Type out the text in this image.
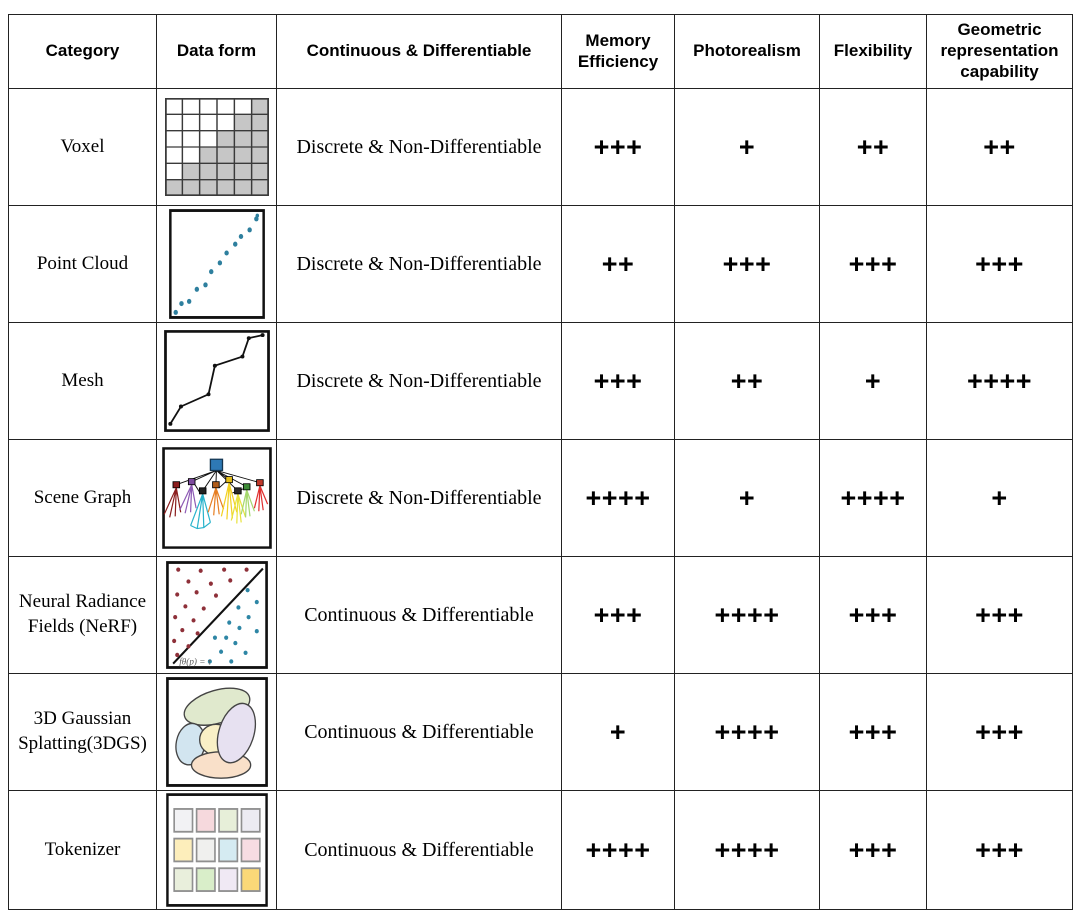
Category	Data form	Continuous & Differentiable	Memory Efficiency	Photorealism	Flexibility	Geometric representation capability
Voxel		Discrete & Non-Differentiable	+++	+	++	++
Point Cloud		Discrete & Non-Differentiable	++	+++	+++	+++
Mesh		Discrete & Non-Differentiable	+++	++	+	++++
Scene Graph		Discrete & Non-Differentiable	++++	+	++++	+
Neural Radiance Fields (NeRF)	fθ(p) = τ	Continuous & Differentiable	+++	++++	+++	+++
3D Gaussian Splatting(3DGS)		Continuous & Differentiable	+	++++	+++	+++
Tokenizer		Continuous & Differentiable	++++	++++	+++	+++
